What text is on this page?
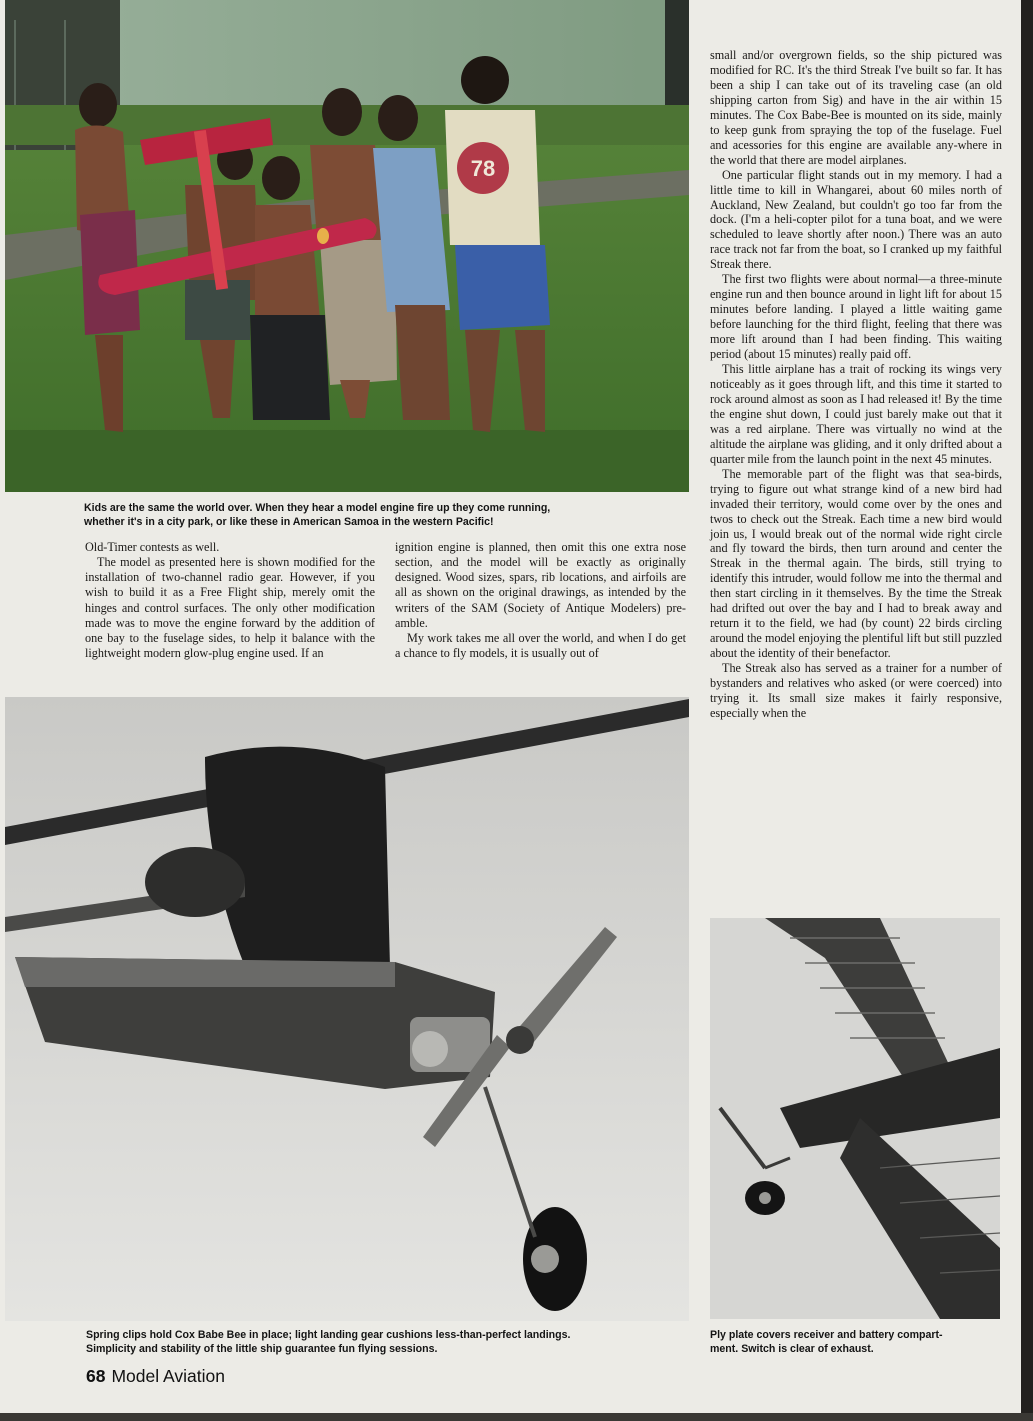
78

Kids are the same the world over. When they hear a model engine fire up they come running,

whether it's in a city park, or like these in American Samoa in the western Pacific!

Old-Timer contests as well.

The model as presented here is shown modified for the installation of two-channel radio gear. However, if you wish to build it as a Free Flight ship, merely omit the hinges and control surfaces. The only other modification made was to move the engine forward by the addition of one bay to the fuselage sides, to help it balance with the lightweight modern glow-plug engine used. If an

ignition engine is planned, then omit this one extra nose section, and the model will be exactly as originally designed. Wood sizes, spars, rib locations, and airfoils are all as shown on the original drawings, as intended by the writers of the SAM (Society of Antique Modelers) pre-amble.

My work takes me all over the world, and when I do get a chance to fly models, it is usually out of

small and/or overgrown fields, so the ship pictured was modified for RC. It's the third Streak I've built so far. It has been a ship I can take out of its traveling case (an old shipping carton from Sig) and have in the air within 15 minutes. The Cox Babe-Bee is mounted on its side, mainly to keep gunk from spraying the top of the fuselage. Fuel and acessories for this engine are available any-where in the world that there are model airplanes.

One particular flight stands out in my memory. I had a little time to kill in Whangarei, about 60 miles north of Auckland, New Zealand, but couldn't go too far from the dock. (I'm a heli-copter pilot for a tuna boat, and we were scheduled to leave shortly after noon.) There was an auto race track not far from the boat, so I cranked up my faithful Streak there.

The first two flights were about normal—a three-minute engine run and then bounce around in light lift for about 15 minutes before landing. I played a little waiting game before launching for the third flight, feeling that there was more lift around than I had been finding. This waiting period (about 15 minutes) really paid off.

This little airplane has a trait of rocking its wings very noticeably as it goes through lift, and this time it started to rock around almost as soon as I had released it! By the time the engine shut down, I could just barely make out that it was a red airplane. There was virtually no wind at the altitude the airplane was gliding, and it only drifted about a quarter mile from the launch point in the next 45 minutes.

The memorable part of the flight was that sea-birds, trying to figure out what strange kind of a new bird had invaded their territory, would come over by the ones and twos to check out the Streak. Each time a new bird would join us, I would break out of the normal wide right circle and fly toward the birds, then turn around and center the Streak in the thermal again. The birds, still trying to identify this intruder, would follow me into the thermal and then start circling in it themselves. By the time the Streak had drifted out over the bay and I had to break away and return it to the field, we had (by count) 22 birds circling around the model enjoying the plentiful lift but still puzzled about the identity of their benefactor.

The Streak also has served as a trainer for a number of bystanders and relatives who asked (or were coerced) into trying it. Its small size makes it fairly responsive, especially when the

Spring clips hold Cox Babe Bee in place; light landing gear cushions less-than-perfect landings.

Simplicity and stability of the little ship guarantee fun flying sessions.

Ply plate covers receiver and battery compart-

ment. Switch is clear of exhaust.

68 Model Aviation
